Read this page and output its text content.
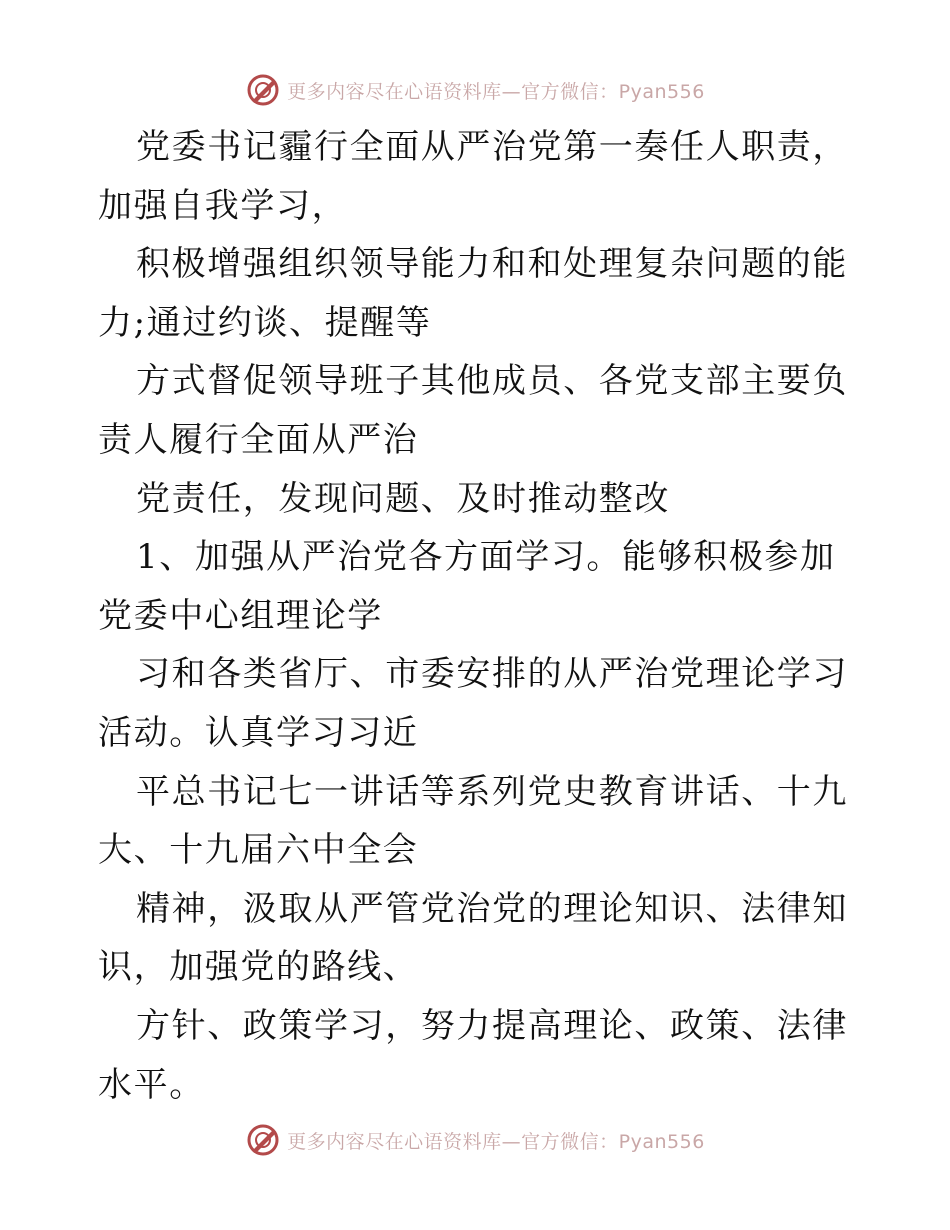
更多内容尽在心语资料库—官方微信：Pyan556

党委书记霾行全面从严治党第一奏任人职责，加强自我学习，

积极增强组织领导能力和和处理复杂问题的能力;通过约谈、提醒等

方式督促领导班子其他成员、各党支部主要负责人履行全面从严治

党责任，发现问题、及时推动整改

1、加强从严治党各方面学习。能够积极参加党委中心组理论学

习和各类省厅、市委安排的从严治党理论学习活动。认真学习习近

平总书记七一讲话等系列党史教育讲话、十九大、十九届六中全会

精神，汲取从严管党治党的理论知识、法律知识，加强党的路线、

方针、政策学习，努力提高理论、政策、法律水平。

更多内容尽在心语资料库—官方微信：Pyan556
